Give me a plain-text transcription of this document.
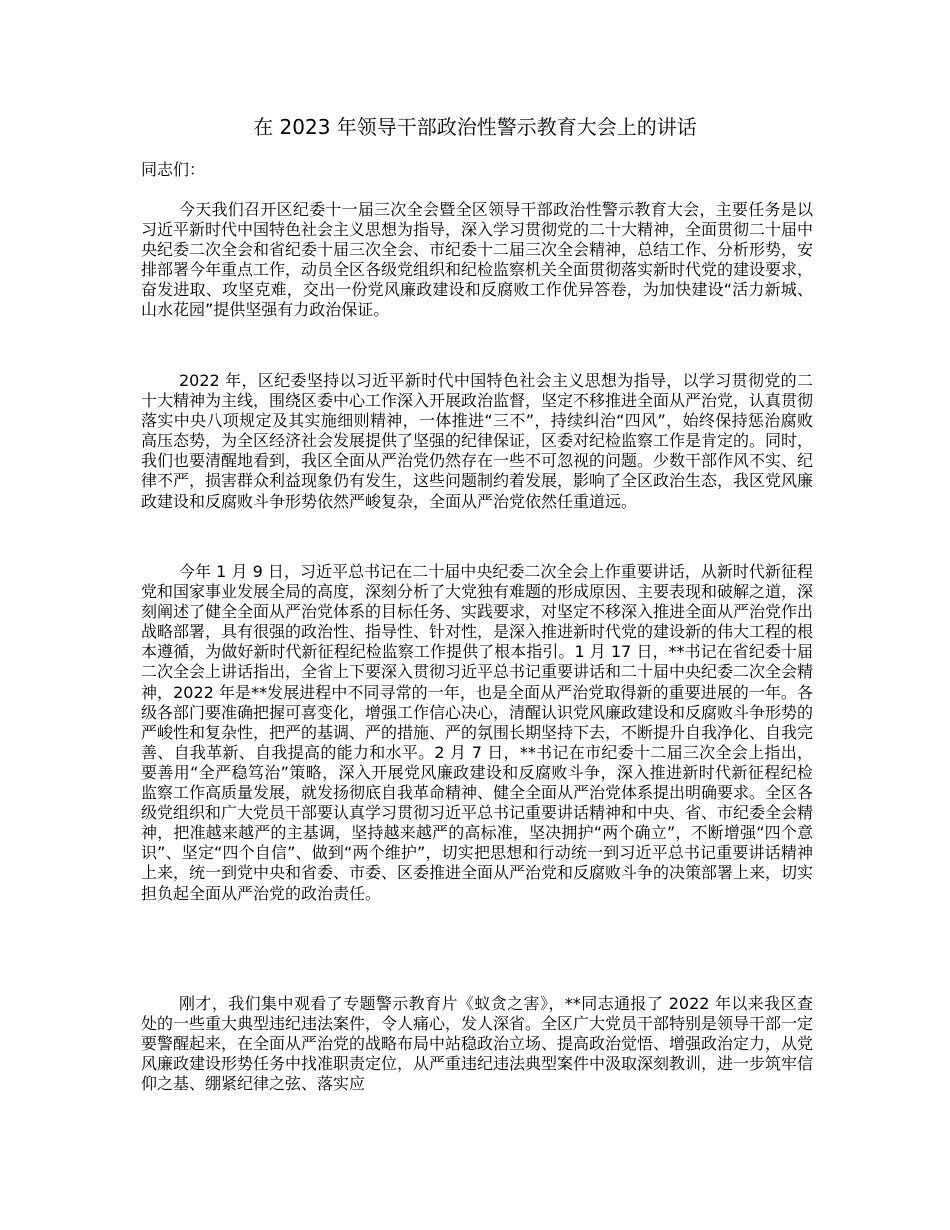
在 2023 年领导干部政治性警示教育大会上的讲话
同志们：

今天我们召开区纪委十一届三次全会暨全区领导干部政治性警示教育大会，主要任务是以习近平新时代中国特色社会主义思想为指导，深入学习贯彻党的二十大精神，全面贯彻二十届中央纪委二次全会和省纪委十届三次全会、市纪委十二届三次全会精神，总结工作、分析形势，安排部署今年重点工作，动员全区各级党组织和纪检监察机关全面贯彻落实新时代党的建设要求，奋发进取、攻坚克难，交出一份党风廉政建设和反腐败工作优异答卷，为加快建设“活力新城、山水花园”提供坚强有力政治保证。

2022 年，区纪委坚持以习近平新时代中国特色社会主义思想为指导，以学习贯彻党的二十大精神为主线，围绕区委中心工作深入开展政治监督，坚定不移推进全面从严治党，认真贯彻落实中央八项规定及其实施细则精神，一体推进“三不”，持续纠治“四风”，始终保持惩治腐败高压态势，为全区经济社会发展提供了坚强的纪律保证，区委对纪检监察工作是肯定的。同时，我们也要清醒地看到，我区全面从严治党仍然存在一些不可忽视的问题。少数干部作风不实、纪律不严，损害群众利益现象仍有发生，这些问题制约着发展，影响了全区政治生态，我区党风廉政建设和反腐败斗争形势依然严峻复杂，全面从严治党依然任重道远。

今年 1 月 9 日，习近平总书记在二十届中央纪委二次全会上作重要讲话，从新时代新征程党和国家事业发展全局的高度，深刻分析了大党独有难题的形成原因、主要表现和破解之道，深刻阐述了健全全面从严治党体系的目标任务、实践要求，对坚定不移深入推进全面从严治党作出战略部署，具有很强的政治性、指导性、针对性，是深入推进新时代党的建设新的伟大工程的根本遵循，为做好新时代新征程纪检监察工作提供了根本指引。1 月 17 日，**书记在省纪委十届二次全会上讲话指出，全省上下要深入贯彻习近平总书记重要讲话和二十届中央纪委二次全会精神，2022 年是**发展进程中不同寻常的一年，也是全面从严治党取得新的重要进展的一年。各级各部门要准确把握可喜变化，增强工作信心决心，清醒认识党风廉政建设和反腐败斗争形势的严峻性和复杂性，把严的基调、严的措施、严的氛围长期坚持下去，不断提升自我净化、自我完善、自我革新、自我提高的能力和水平。2 月 7 日，**书记在市纪委十二届三次全会上指出，要善用“全严稳笃治”策略，深入开展党风廉政建设和反腐败斗争，深入推进新时代新征程纪检监察工作高质量发展，就发扬彻底自我革命精神、健全全面从严治党体系提出明确要求。全区各级党组织和广大党员干部要认真学习贯彻习近平总书记重要讲话精神和中央、省、市纪委全会精神，把准越来越严的主基调，坚持越来越严的高标准，坚决拥护“两个确立”，不断增强“四个意识”、坚定“四个自信”、做到“两个维护”，切实把思想和行动统一到习近平总书记重要讲话精神上来，统一到党中央和省委、市委、区委推进全面从严治党和反腐败斗争的决策部署上来，切实担负起全面从严治党的政治责任。

刚才，我们集中观看了专题警示教育片《蚁贪之害》，**同志通报了 2022 年以来我区查处的一些重大典型违纪违法案件，令人痛心，发人深省。全区广大党员干部特别是领导干部一定要警醒起来，在全面从严治党的战略布局中站稳政治立场、提高政治觉悟、增强政治定力，从党风廉政建设形势任务中找准职责定位，从严重违纪违法典型案件中汲取深刻教训，进一步筑牢信仰之基、绷紧纪律之弦、落实应
